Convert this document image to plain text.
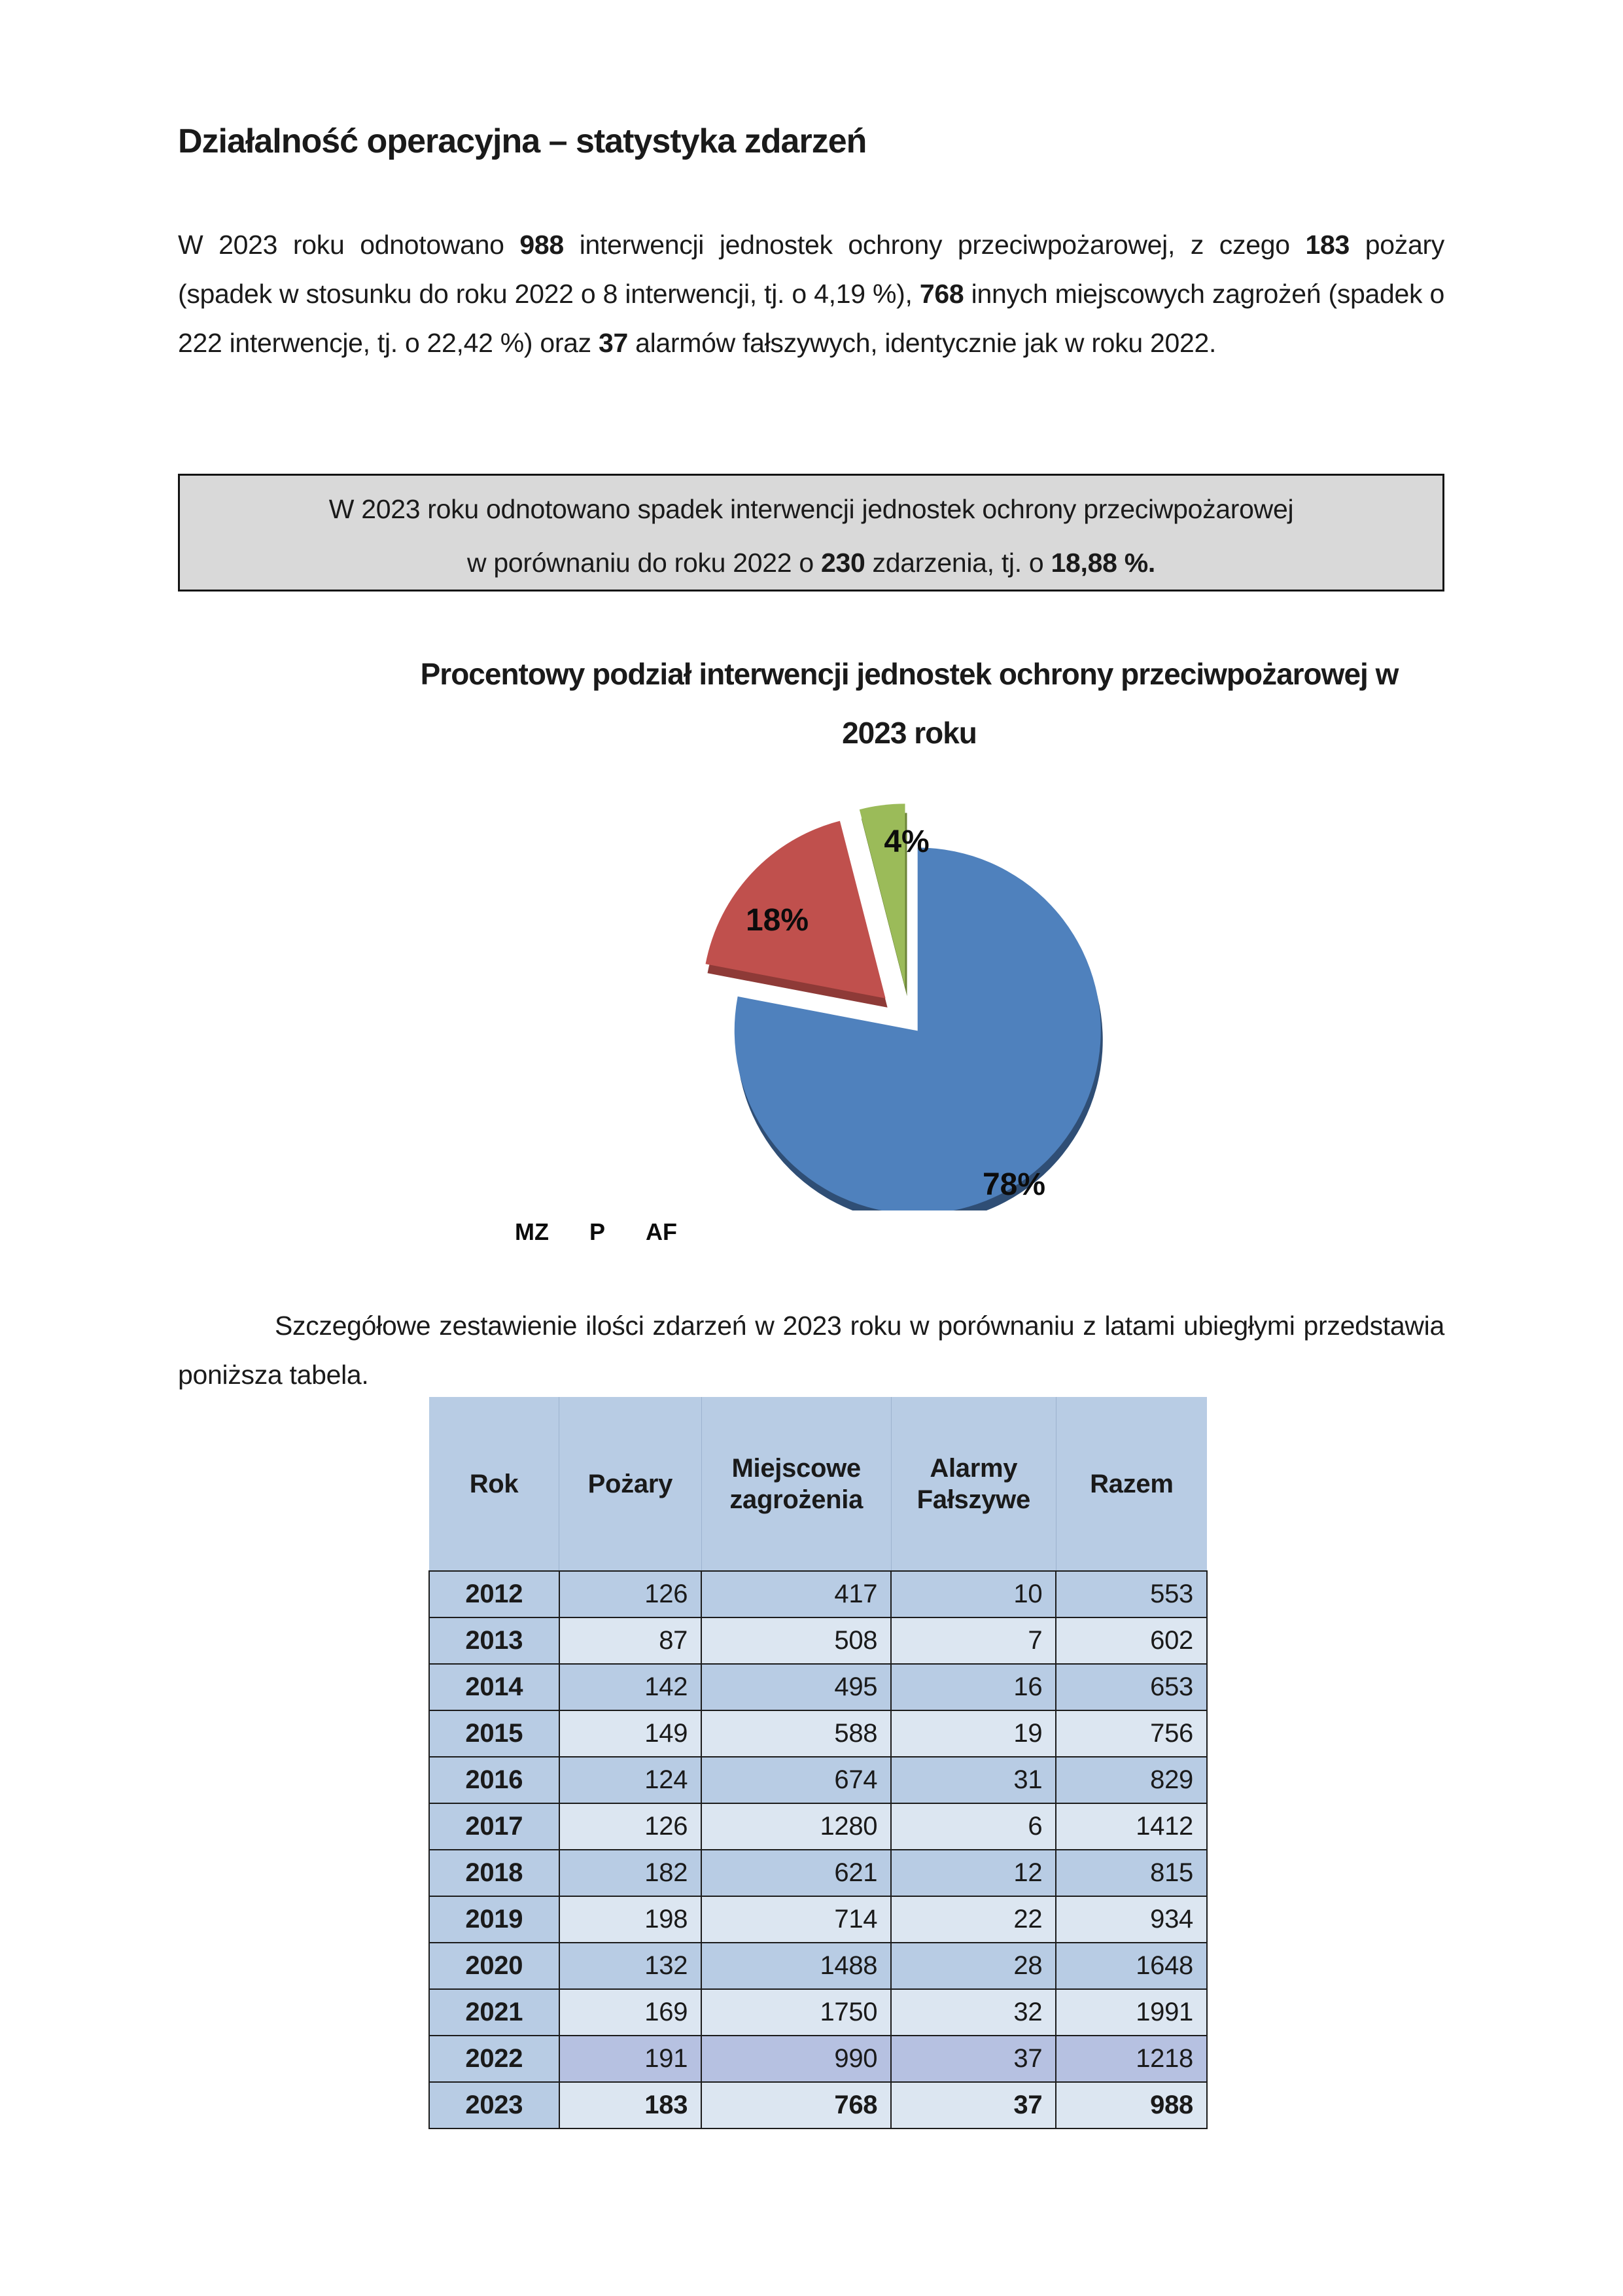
Działalność operacyjna – statystyka zdarzeń

W 2023 roku odnotowano 988 interwencji jednostek ochrony przeciwpożarowej, z czego 183 pożary (spadek w stosunku do roku 2022 o 8 interwencji, tj. o 4,19 %), 768 innych miejscowych zagrożeń (spadek o 222 interwencje, tj. o 22,42 %) oraz 37 alarmów fałszywych, identycznie jak w roku 2022.

W 2023 roku odnotowano spadek interwencji jednostek ochrony przeciwpożarowej
w porównaniu do roku 2022 o 230 zdarzenia, tj. o 18,88 %.

Procentowy podział interwencji jednostek ochrony przeciwpożarowej w 2023 roku

78%
18%
4%
MZ P AF

Szczegółowe zestawienie ilości zdarzeń w 2023 roku w porównaniu z latami ubiegłymi przedstawia poniższa tabela.

Rok	Pożary	Miejscowe zagrożenia	Alarmy Fałszywe	Razem
2012	126	417	10	553
2013	87	508	7	602
2014	142	495	16	653
2015	149	588	19	756
2016	124	674	31	829
2017	126	1280	6	1412
2018	182	621	12	815
2019	198	714	22	934
2020	132	1488	28	1648
2021	169	1750	32	1991
2022	191	990	37	1218
2023	183	768	37	988
